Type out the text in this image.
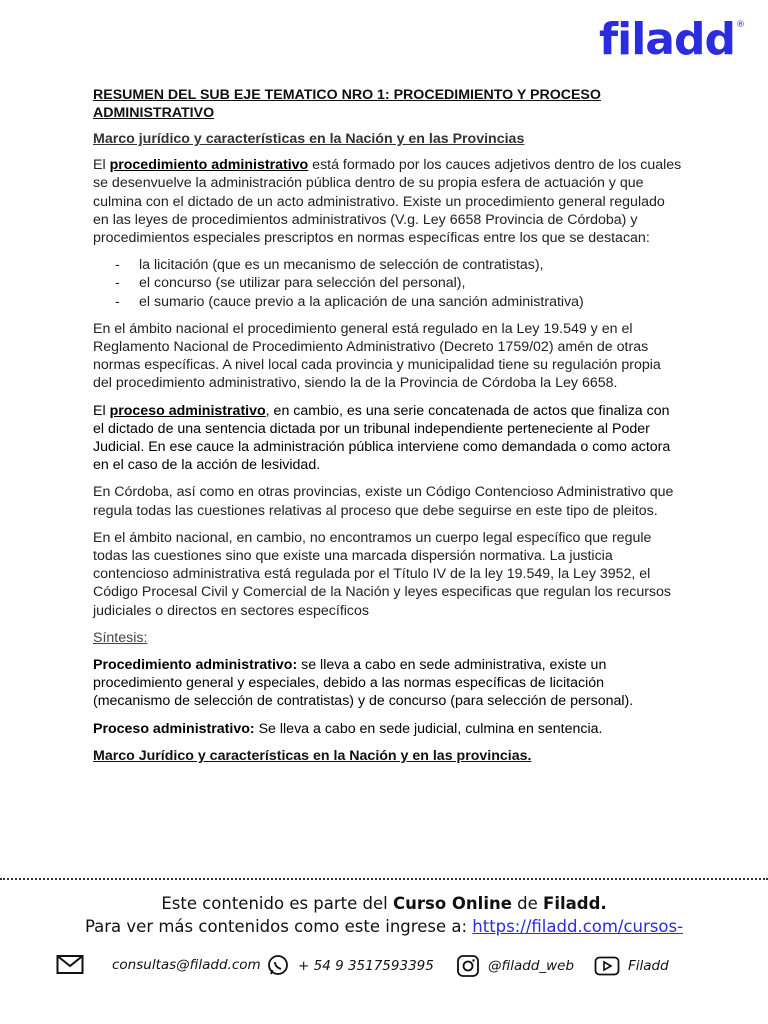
filadd®
RESUMEN DEL SUB EJE TEMATICO NRO 1: PROCEDIMIENTO Y PROCESO ADMINISTRATIVO
Marco jurídico y características en la Nación y en las Provincias

El procedimiento administrativo está formado por los cauces adjetivos dentro de los cuales se desenvuelve la administración pública dentro de su propia esfera de actuación y que culmina con el dictado de un acto administrativo. Existe un procedimiento general regulado en las leyes de procedimientos administrativos (V.g. Ley 6658 Provincia de Córdoba) y procedimientos especiales prescriptos en normas específicas entre los que se destacan:

- la licitación (que es un mecanismo de selección de contratistas),
- el concurso (se utilizar para selección del personal),
- el sumario (cauce previo a la aplicación de una sanción administrativa)

En el ámbito nacional el procedimiento general está regulado en la Ley 19.549 y en el Reglamento Nacional de Procedimiento Administrativo (Decreto 1759/02) amén de otras normas específicas. A nivel local cada provincia y municipalidad tiene su regulación propia del procedimiento administrativo, siendo la de la Provincia de Córdoba la Ley 6658.

El proceso administrativo, en cambio, es una serie concatenada de actos que finaliza con el dictado de una sentencia dictada por un tribunal independiente perteneciente al Poder Judicial. En ese cauce la administración pública interviene como demandada o como actora en el caso de la acción de lesividad.

En Córdoba, así como en otras provincias, existe un Código Contencioso Administrativo que regula todas las cuestiones relativas al proceso que debe seguirse en este tipo de pleitos.

En el ámbito nacional, en cambio, no encontramos un cuerpo legal específico que regule todas las cuestiones sino que existe una marcada dispersión normativa. La justicia contencioso administrativa está regulada por el Título IV de la ley 19.549, la Ley 3952, el Código Procesal Civil y Comercial de la Nación y leyes especificas que regulan los recursos judiciales o directos en sectores específicos

Síntesis:

Procedimiento administrativo: se lleva a cabo en sede administrativa, existe un procedimiento general y especiales, debido a las normas específicas de licitación (mecanismo de selección de contratistas) y de concurso (para selección de personal).

Proceso administrativo: Se lleva a cabo en sede judicial, culmina en sentencia.

Marco Jurídico y características en la Nación y en las provincias.
Este contenido es parte del Curso Online de Filadd.
Para ver más contenidos como este ingrese a: https://filadd.com/cursos-
consultas@filadd.com	+ 54 9 3517593395	@filadd_web	Filadd
